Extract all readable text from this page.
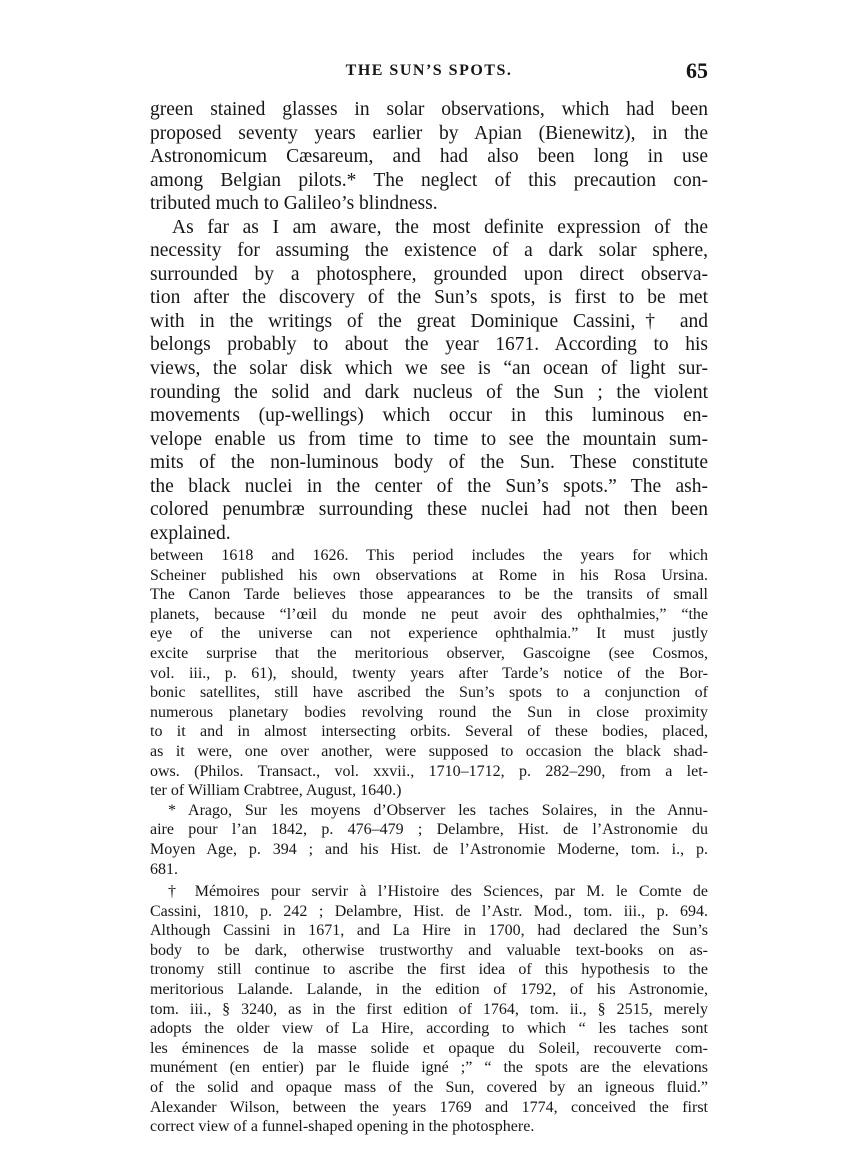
THE SUN’S SPOTS.	65
green stained glasses in solar observations, which had been
proposed seventy years earlier by Apian (Bienewitz), in the
Astronomicum Cæsareum, and had also been long in use
among Belgian pilots.* The neglect of this precaution con-
tributed much to Galileo’s blindness.
As far as I am aware, the most definite expression of the
necessity for assuming the existence of a dark solar sphere,
surrounded by a photosphere, grounded upon direct observa-
tion after the discovery of the Sun’s spots, is first to be met
with in the writings of the great Dominique Cassini,† and
belongs probably to about the year 1671. According to his
views, the solar disk which we see is “an ocean of light sur-
rounding the solid and dark nucleus of the Sun ; the violent
movements (up-wellings) which occur in this luminous en-
velope enable us from time to time to see the mountain sum-
mits of the non-luminous body of the Sun. These constitute
the black nuclei in the center of the Sun’s spots.” The ash-
colored penumbræ surrounding these nuclei had not then been
explained.
between 1618 and 1626. This period includes the years for which
Scheiner published his own observations at Rome in his Rosa Ursina.
The Canon Tarde believes those appearances to be the transits of small
planets, because “l’œil du monde ne peut avoir des ophthalmies,” “the
eye of the universe can not experience ophthalmia.” It must justly
excite surprise that the meritorious observer, Gascoigne (see Cosmos,
vol. iii., p. 61), should, twenty years after Tarde’s notice of the Bor-
bonic satellites, still have ascribed the Sun’s spots to a conjunction of
numerous planetary bodies revolving round the Sun in close proximity
to it and in almost intersecting orbits. Several of these bodies, placed,
as it were, one over another, were supposed to occasion the black shad-
ows. (Philos. Transact., vol. xxvii., 1710–1712, p. 282–290, from a let-
ter of William Crabtree, August, 1640.)
* Arago, Sur les moyens d’Observer les taches Solaires, in the Annu-
aire pour l’an 1842, p. 476–479 ; Delambre, Hist. de l’Astronomie du
Moyen Age, p. 394 ; and his Hist. de l’Astronomie Moderne, tom. i., p.
681.
† Mémoires pour servir à l’Histoire des Sciences, par M. le Comte de
Cassini, 1810, p. 242 ; Delambre, Hist. de l’Astr. Mod., tom. iii., p. 694.
Although Cassini in 1671, and La Hire in 1700, had declared the Sun’s
body to be dark, otherwise trustworthy and valuable text-books on as-
tronomy still continue to ascribe the first idea of this hypothesis to the
meritorious Lalande. Lalande, in the edition of 1792, of his Astronomie,
tom. iii., § 3240, as in the first edition of 1764, tom. ii., § 2515, merely
adopts the older view of La Hire, according to which “ les taches sont
les éminences de la masse solide et opaque du Soleil, recouverte com-
munément (en entier) par le fluide igné ;” “ the spots are the elevations
of the solid and opaque mass of the Sun, covered by an igneous fluid.”
Alexander Wilson, between the years 1769 and 1774, conceived the first
correct view of a funnel-shaped opening in the photosphere.
